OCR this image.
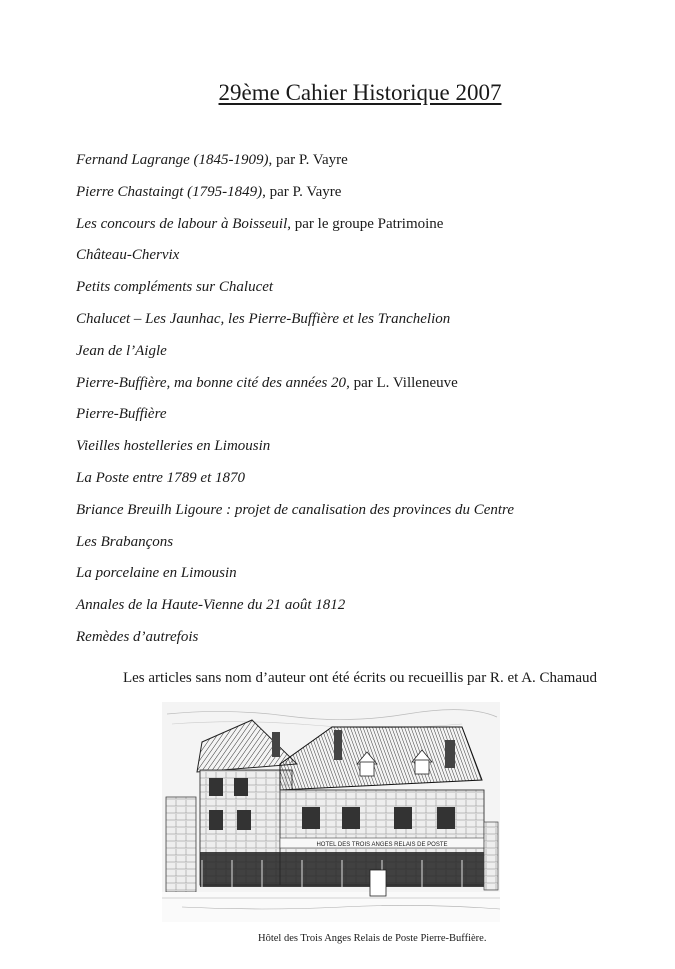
29ème Cahier Historique 2007
Fernand Lagrange (1845-1909), par P. Vayre
Pierre Chastaingt (1795-1849), par P. Vayre
Les concours de labour à Boisseuil, par le groupe Patrimoine
Château-Chervix
Petits compléments sur Chalucet
Chalucet – Les Jaunhac, les Pierre-Buffière et les Tranchelion
Jean de l’Aigle
Pierre-Buffière, ma bonne cité des années 20, par L. Villeneuve
Pierre-Buffière
Vieilles hostelleries en Limousin
La Poste entre 1789 et 1870
Briance Breuilh Ligoure : projet de canalisation des provinces du Centre
Les Brabançons
La porcelaine en Limousin
Annales de la Haute-Vienne du 21 août 1812
Remèdes d’autrefois
Les articles sans nom d’auteur ont été écrits ou recueillis par R. et A. Chamaud
HOTEL DES TROIS ANGES RELAIS DE POSTE
Hôtel des Trois Anges Relais de Poste Pierre-Buffière.
